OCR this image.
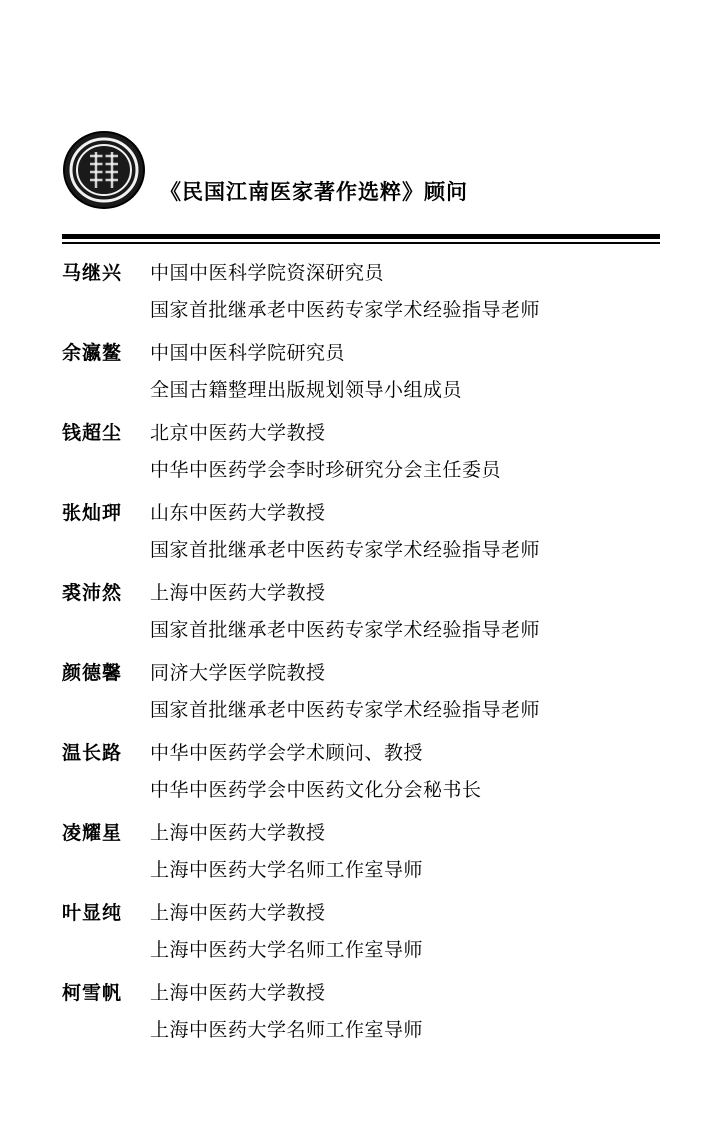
《民国江南医家著作选粹》顾问
马继兴	中国中医科学院资深研究员
国家首批继承老中医药专家学术经验指导老师
余瀛鳌	中国中医科学院研究员
全国古籍整理出版规划领导小组成员
钱超尘	北京中医药大学教授
中华中医药学会李时珍研究分会主任委员
张灿玾	山东中医药大学教授
国家首批继承老中医药专家学术经验指导老师
裘沛然	上海中医药大学教授
国家首批继承老中医药专家学术经验指导老师
颜德馨	同济大学医学院教授
国家首批继承老中医药专家学术经验指导老师
温长路	中华中医药学会学术顾问、教授
中华中医药学会中医药文化分会秘书长
凌耀星	上海中医药大学教授
上海中医药大学名师工作室导师
叶显纯	上海中医药大学教授
上海中医药大学名师工作室导师
柯雪帆	上海中医药大学教授
上海中医药大学名师工作室导师
